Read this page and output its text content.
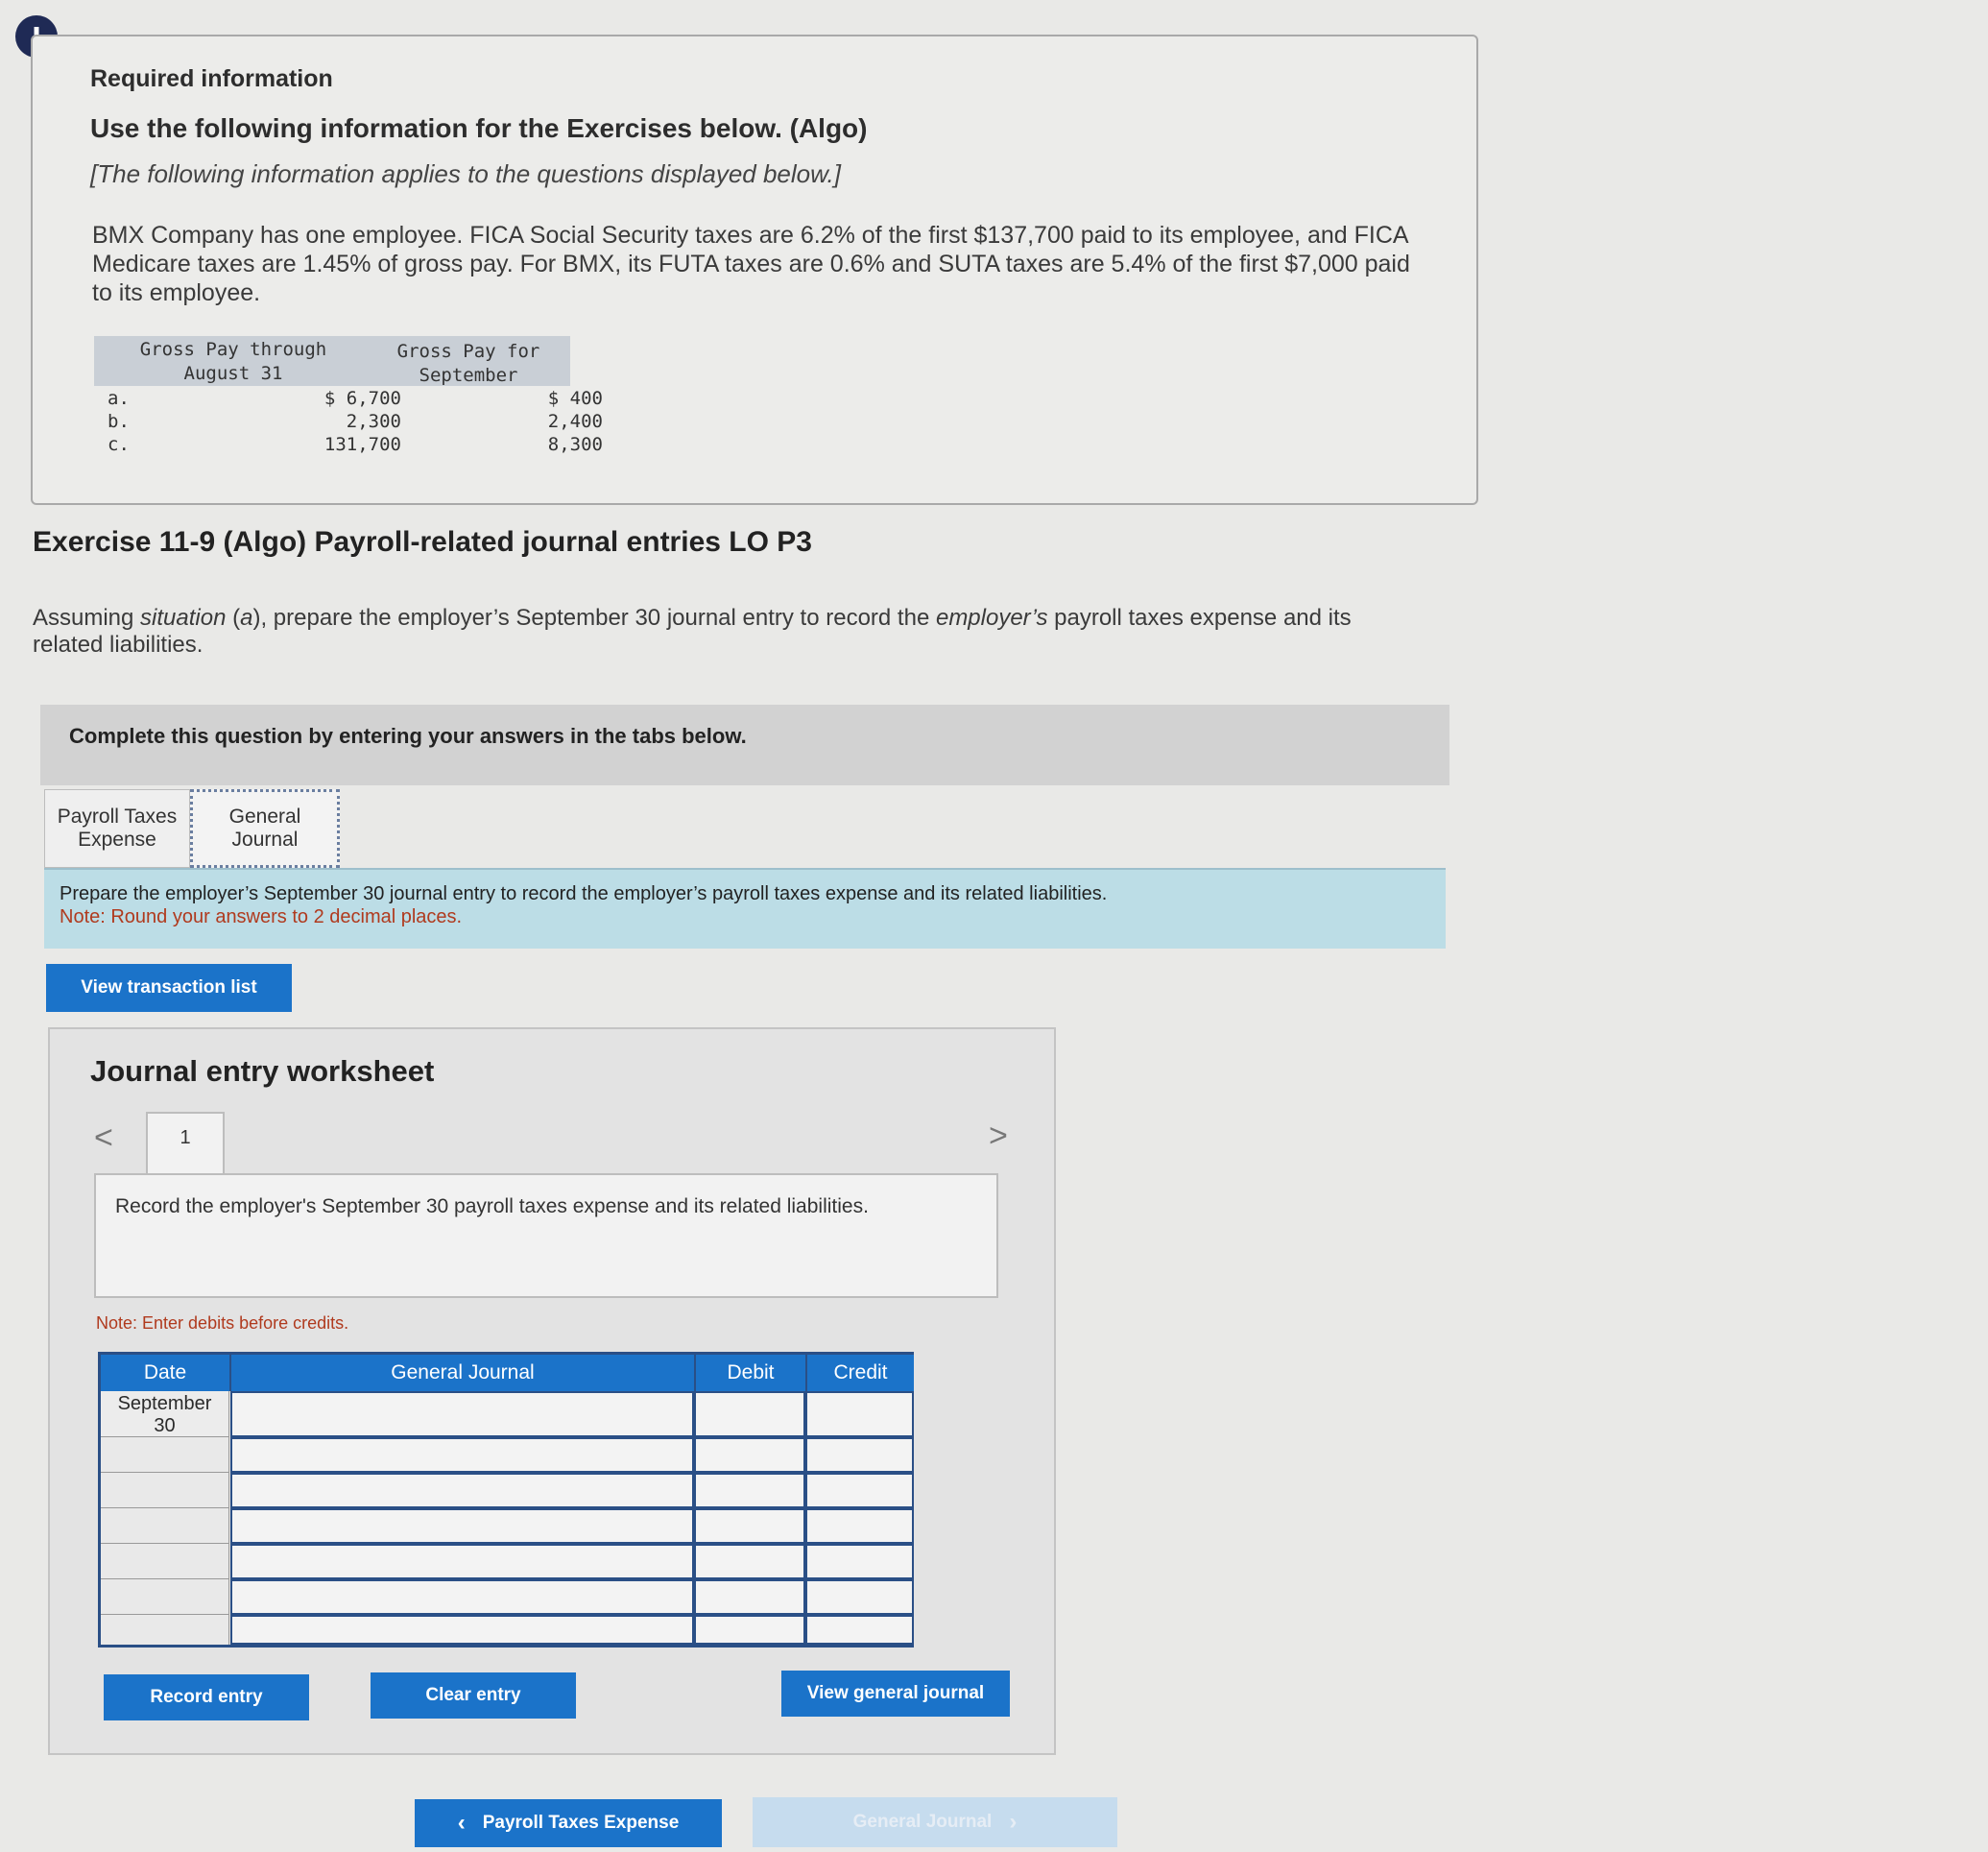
Required information
Use the following information for the Exercises below. (Algo)
[The following information applies to the questions displayed below.]
BMX Company has one employee. FICA Social Security taxes are 6.2% of the first $137,700 paid to its employee, and FICA
Medicare taxes are 1.45% of gross pay. For BMX, its FUTA taxes are 0.6% and SUTA taxes are 5.4% of the first $7,000 paid
to its employee.
Gross Pay through
August 31
Gross Pay for
September
a.	$ 6,700	$ 400
b.	2,300	2,400
c.	131,700	8,300
Exercise 11-9 (Algo) Payroll-related journal entries LO P3
Assuming situation (a), prepare the employer’s September 30 journal entry to record the employer’s payroll taxes expense and its
related liabilities.
Complete this question by entering your answers in the tabs below.
Payroll Taxes
Expense
General
Journal
Prepare the employer’s September 30 journal entry to record the employer’s payroll taxes expense and its related liabilities.
Note: Round your answers to 2 decimal places.
View transaction list
Journal entry worksheet
<	>
1
Record the employer's September 30 payroll taxes expense and its related liabilities.
Note: Enter debits before credits.
Date	General Journal	Debit	Credit
September
30
Record entry	Clear entry	View general journal
‹ Payroll Taxes Expense	General Journal ›
